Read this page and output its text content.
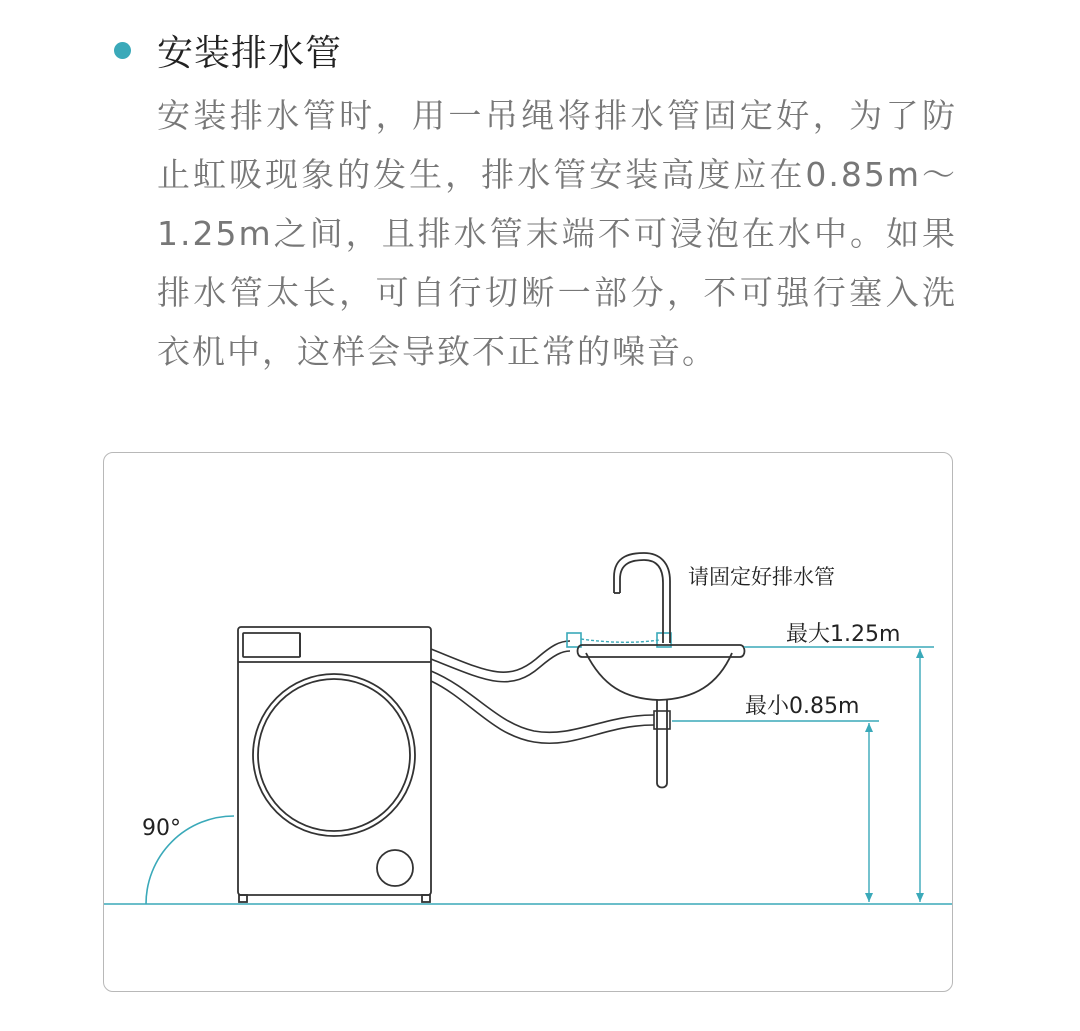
安装排水管
安装排水管时，用一吊绳将排水管固定好，为了防止虹吸现象的发生，排水管安装高度应在0.85m～1.25m之间，且排水管末端不可浸泡在水中。如果排水管太长，可自行切断一部分，不可强行塞入洗衣机中，这样会导致不正常的噪音。
90°
最大1.25m
最小0.85m
请固定好排水管
